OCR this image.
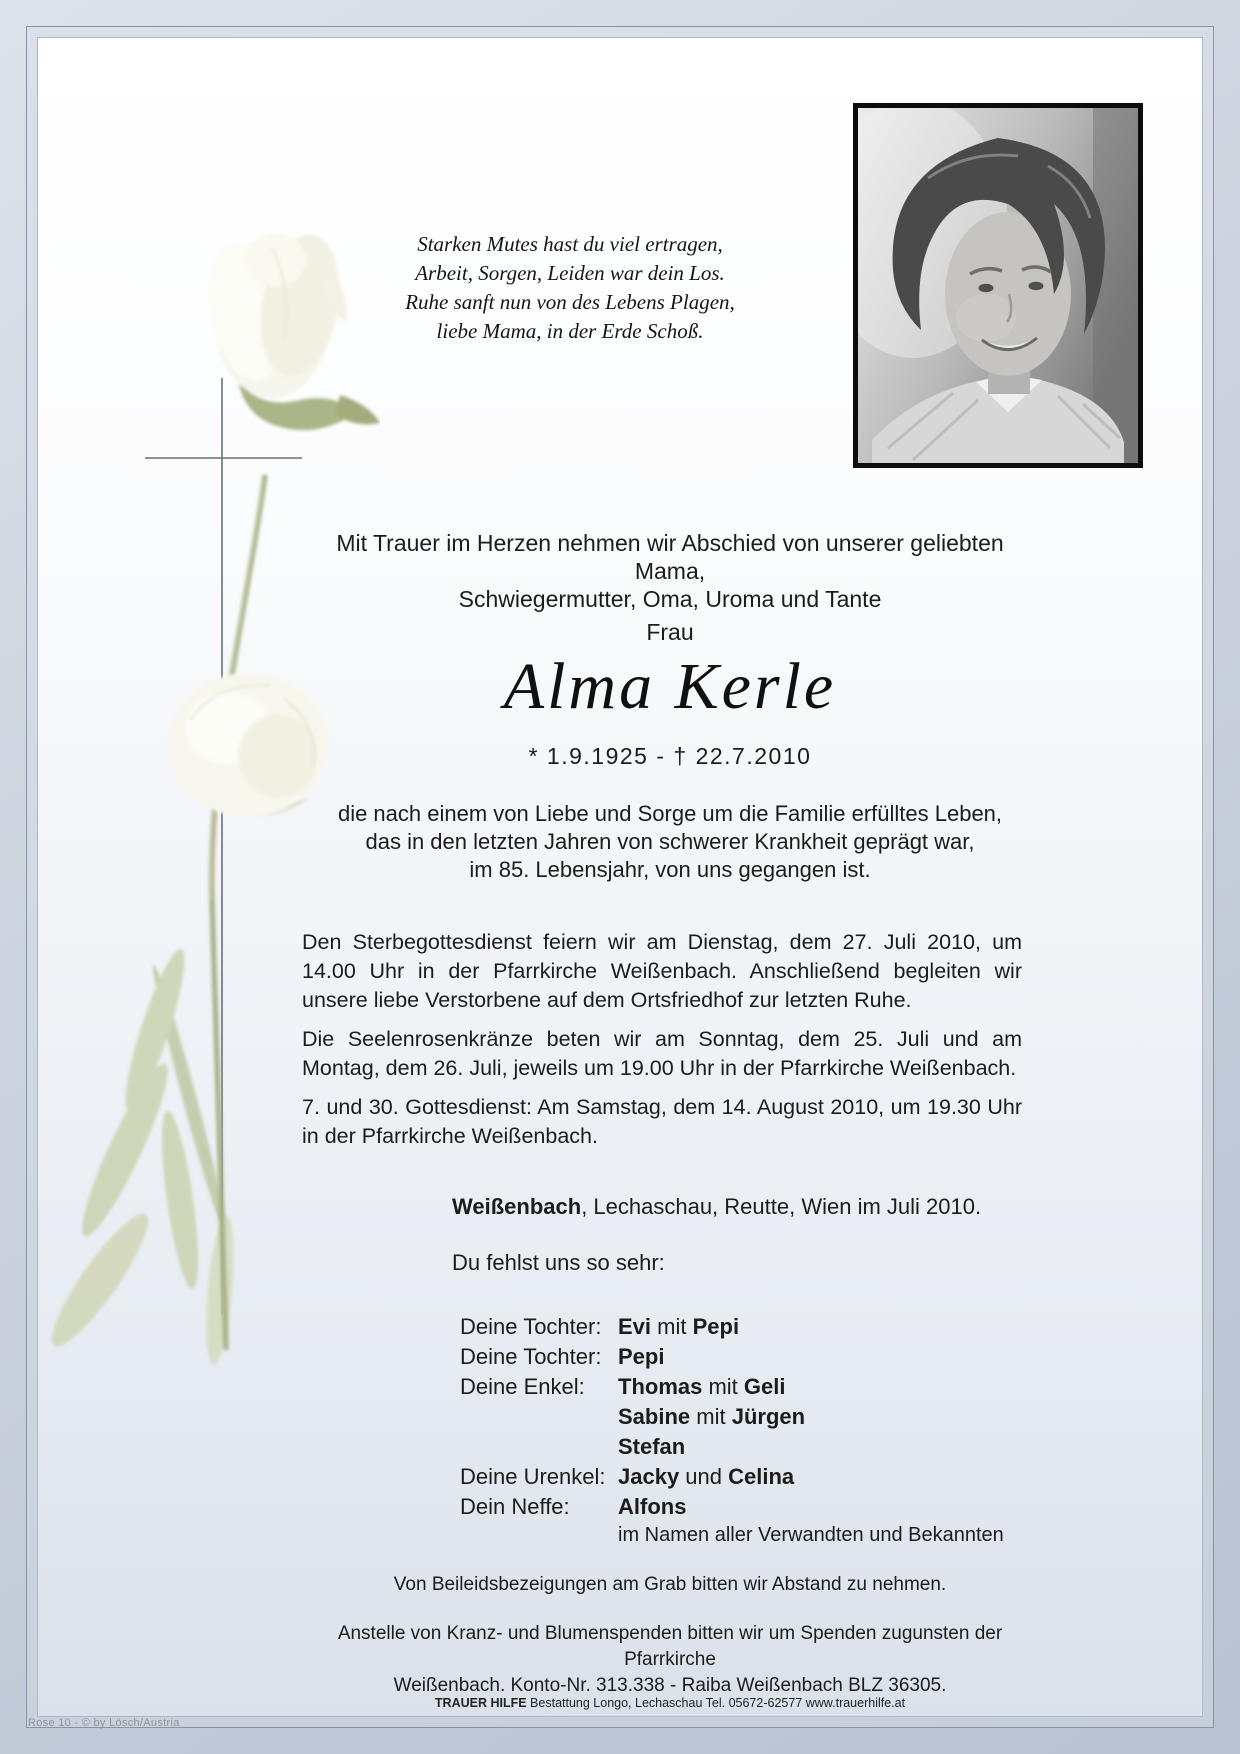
Starken Mutes hast du viel ertragen,
Arbeit, Sorgen, Leiden war dein Los.
Ruhe sanft nun von des Lebens Plagen,
liebe Mama, in der Erde Schoß.
Mit Trauer im Herzen nehmen wir Abschied von unserer geliebten Mama,
Schwiegermutter, Oma, Uroma und Tante
Frau
Alma Kerle
* 1.9.1925 - † 22.7.2010
die nach einem von Liebe und Sorge um die Familie erfülltes Leben,
das in den letzten Jahren von schwerer Krankheit geprägt war,
im 85. Lebensjahr, von uns gegangen ist.

Den Sterbegottesdienst feiern wir am Dienstag, dem 27. Juli 2010, um 14.00 Uhr in der Pfarrkirche Weißenbach. Anschließend begleiten wir unsere liebe Verstorbene auf dem Ortsfriedhof zur letzten Ruhe.

Die Seelenrosenkränze beten wir am Sonntag, dem 25. Juli und am Montag, dem 26. Juli, jeweils um 19.00 Uhr in der Pfarrkirche Weißenbach.

7. und 30. Gottesdienst: Am Samstag, dem 14. August 2010, um 19.30 Uhr in der Pfarrkirche Weißenbach.

Weißenbach, Lechaschau, Reutte, Wien im Juli 2010.
Du fehlst uns so sehr:
Deine Tochter: Evi mit Pepi
Deine Tochter: Pepi
Deine Enkel:	Thomas mit Geli
Sabine mit Jürgen
Stefan
Deine Urenkel: Jacky und Celina
Dein Neffe:	Alfons
im Namen aller Verwandten und Bekannten
Von Beileidsbezeigungen am Grab bitten wir Abstand zu nehmen.
Anstelle von Kranz- und Blumenspenden bitten wir um Spenden zugunsten der Pfarrkirche
Weißenbach. Konto-Nr. 313.338 - Raiba Weißenbach BLZ 36305.
TRAUER HILFE Bestattung Longo, Lechaschau Tel. 05672-62577 www.trauerhilfe.at
Rose 10 - © by Lösch/Austria
